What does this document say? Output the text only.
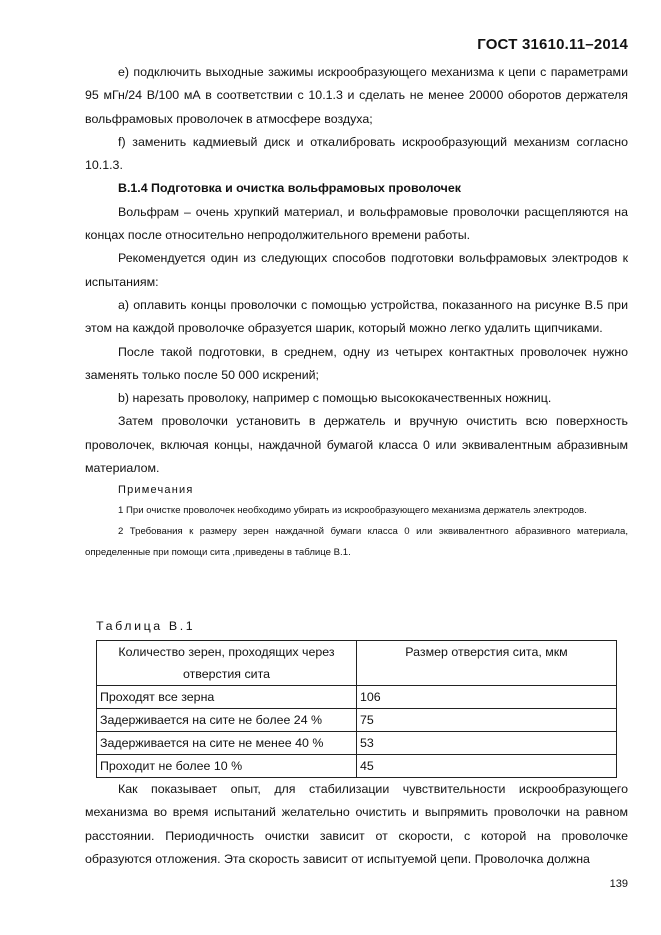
ГОСТ 31610.11–2014

е) подключить выходные зажимы искрообразующего механизма к цепи с параметрами 95 мГн/24 В/100 мА в соответствии с 10.1.3 и сделать не менее 20000 оборотов держателя вольфрамовых проволочек в атмосфере воздуха;

f) заменить кадмиевый диск и откалибровать искрообразующий механизм согласно 10.1.3.

В.1.4 Подготовка и очистка вольфрамовых проволочек

Вольфрам – очень хрупкий материал, и вольфрамовые проволочки расщепляются на концах после относительно непродолжительного времени работы.

Рекомендуется один из следующих способов подготовки вольфрамовых электродов к испытаниям:

а) оплавить концы проволочки с помощью устройства, показанного на рисунке В.5 при этом на каждой проволочке образуется шарик, который можно легко удалить щипчиками.

После такой подготовки, в среднем, одну из четырех контактных проволочек нужно заменять только после 50 000 искрений;

b) нарезать проволоку, например с помощью высококачественных ножниц.

Затем проволочки установить в держатель и вручную очистить всю поверхность проволочек, включая концы, наждачной бумагой класса 0 или эквивалентным абразивным материалом.

Примечания

1 При очистке проволочек необходимо убирать из искрообразующего механизма держатель электродов.

2 Требования к размеру зерен наждачной бумаги класса 0 или эквивалентного абразивного материала, определенные при помощи сита ,приведены в таблице В.1.

Таблица В.1
Количество зерен, проходящих через отверстия сита	Размер отверстия сита, мкм
Проходят все зерна	106
Задерживается на сите не более 24 %	75
Задерживается на сите не менее 40 %	53
Проходит не более 10 %	45

Как показывает опыт, для стабилизации чувствительности искрообразующего механизма во время испытаний желательно очистить и выпрямить проволочки на равном расстоянии. Периодичность очистки зависит от скорости, с которой на проволочке образуются отложения. Эта скорость зависит от испытуемой цепи. Проволочка должна

139
